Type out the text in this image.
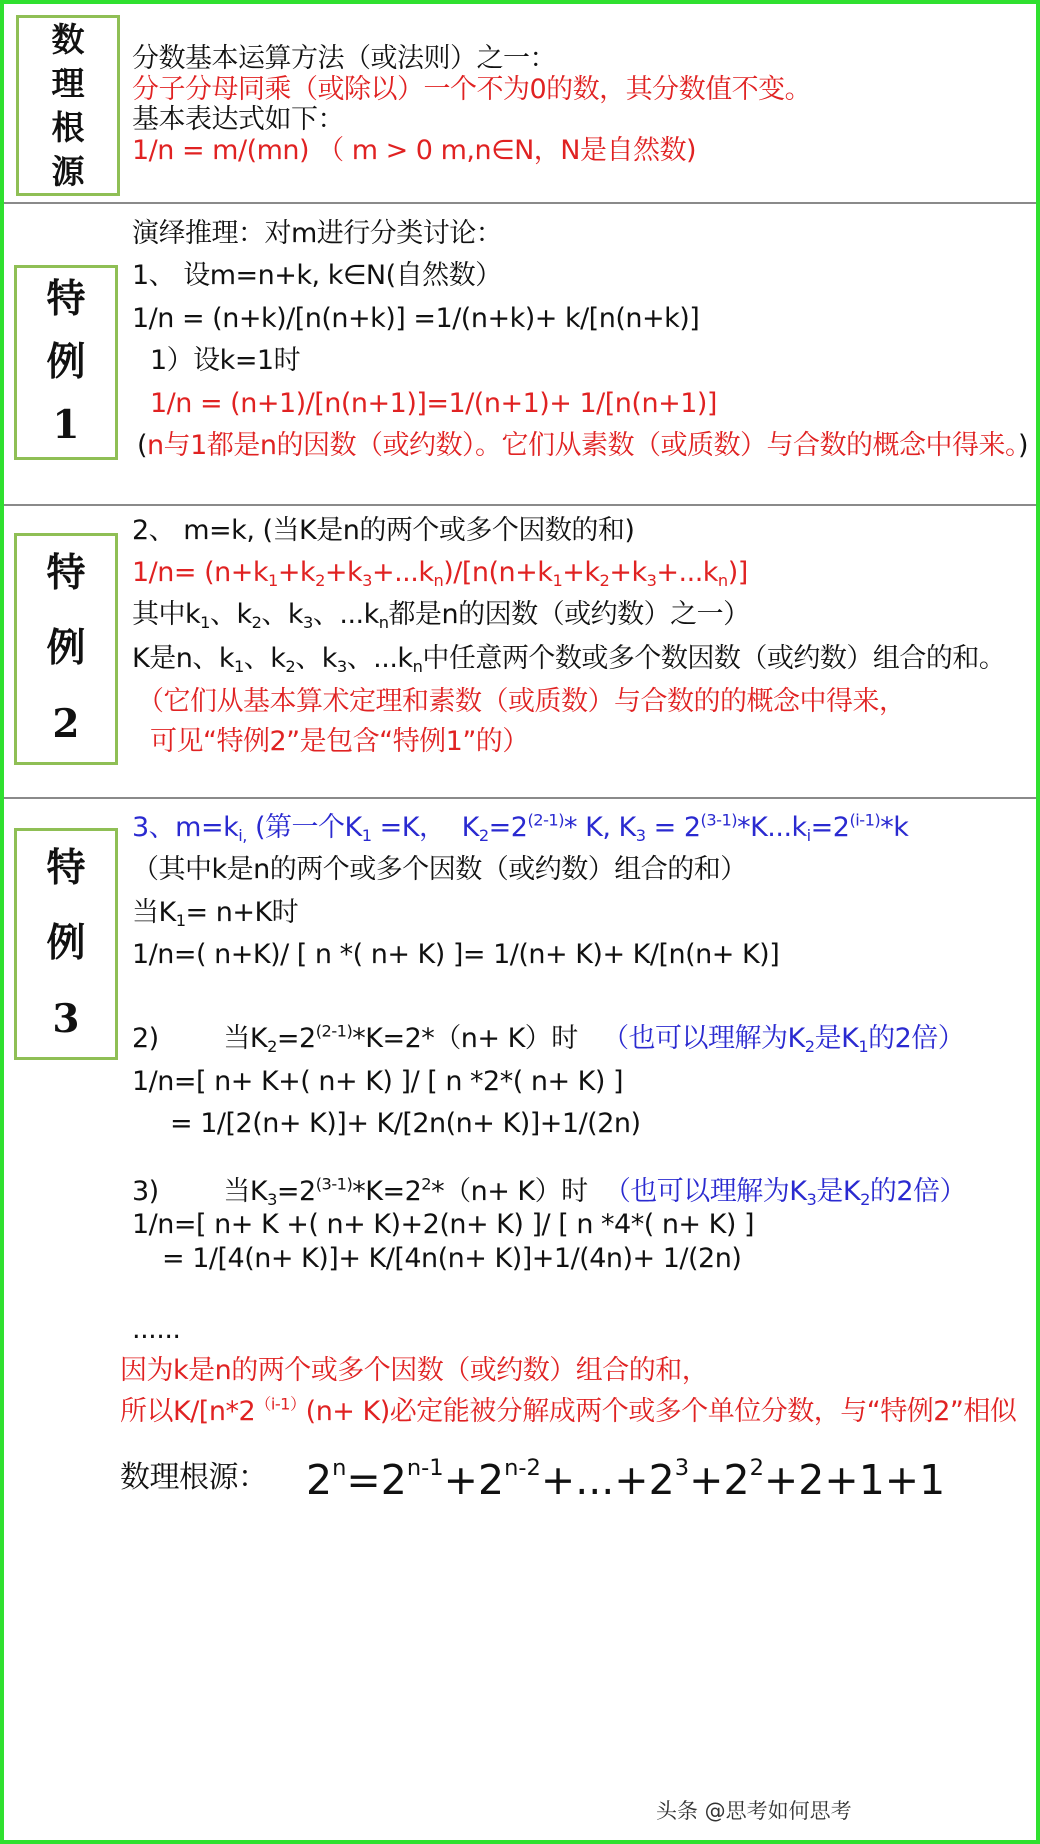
数
理
根
源
分数基本运算方法（或法则）之一：
分子分母同乘（或除以）一个不为0的数，其分数值不变。
基本表达式如下：
1/n = m/(mn) （ m > 0 m,n∈N，N是自然数)
特
例
1
演绎推理：对m进行分类讨论：
1、 设m=n+k, k∈N(自然数）
1/n = (n+k)/[n(n+k)] =1/(n+k)+ k/[n(n+k)]
1）设k=1时
1/n = (n+1)/[n(n+1)]=1/(n+1)+ 1/[n(n+1)]
(n与1都是n的因数（或约数）。它们从素数（或质数）与合数的概念中得来。)
特
例
2
2、 m=k, (当K是n的两个或多个因数的和)
$1/n= (n+k_1+k_2+k_3+...k_n)/[n(n+k_1+k_2+k_3+...k_n)]$
其中$k_1$、$k_2$、$k_3$、$...k_n$都是n的因数（或约数）之一）
K是n、$k_1$、$k_2$、$k_3$、$...k_n$中任意两个数或多个数因数（或约数）组合的和。
（它们从基本算术定理和素数（或质数）与合数的的概念中得来，
可见“特例2”是包含“特例1”的）
特
例
3
3、$m=k_{i,}$ (第一个$K_1 =K$，  $K_2=2^{(2-1)}*$ K, $K_3 = 2^{(3-1)}*K...k_i=2^{(i-1)}*k$
（其中k是n的两个或多个因数（或约数）组合的和）
当$K_1= n+K$时
1/n=( n+K)/ [ n *( n+ K) ]= 1/(n+ K)+ K/[n(n+ K)]
2)        当$K_2=2^{(2-1)}*K=2*(n+ K)$时   （也可以理解为$K_2$是$K_1$的2倍）
1/n=[ n+ K+( n+ K) ]/ [ n *2*( n+ K) ]
= 1/[2(n+ K)]+ K/[2n(n+ K)]+1/(2n)
3)        当$K_3=2^{(3-1)}*K=2^2*(n+ K)$时  （也可以理解为$K_3$是$K_2$的2倍）
1/n=[ n+ K +( n+ K)+2(n+ K) ]/ [ n *4*( n+ K) ]
= 1/[4(n+ K)]+ K/[4n(n+ K)]+1/(4n)+ 1/(2n)
......
因为k是n的两个或多个因数（或约数）组合的和，
所以$K/[n*2^{(i-1)}(n+ K)$必定能被分解成两个或多个单位分数，与“特例2”相似
数理根源： $2^n=2^{n-1}+2^{n-2}+...+2^3+2^2+2+1+1$
头条 @思考如何思考
